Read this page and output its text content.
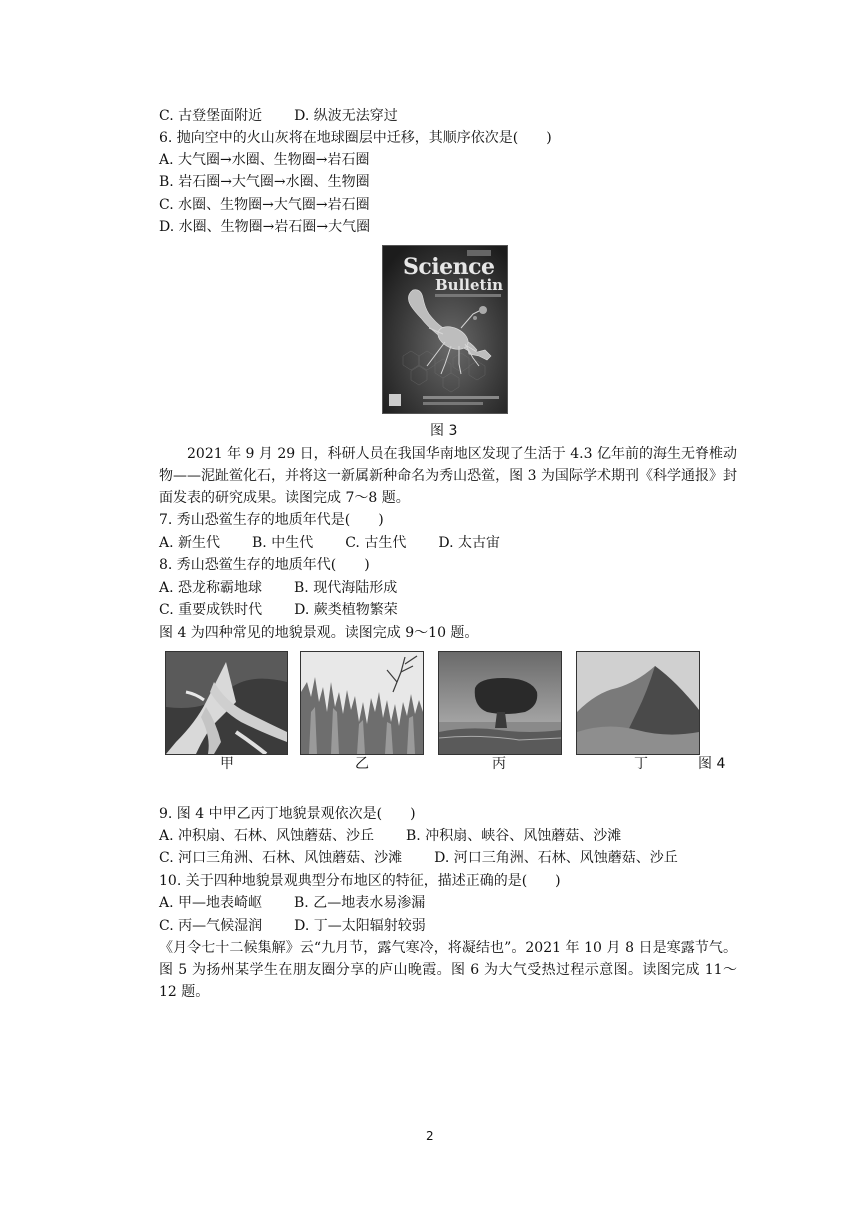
C. 古登堡面附近 D. 纵波无法穿过
6. 抛向空中的火山灰将在地球圈层中迁移，其顺序依次是(　　)
A. 大气圈→水圈、生物圈→岩石圈
B. 岩石圈→大气圈→水圈、生物圈
C. 水圈、生物圈→大气圈→岩石圈
D. 水圈、生物圈→岩石圈→大气圈
Science
Bulletin
图 3
2021 年 9 月 29 日，科研人员在我国华南地区发现了生活于 4.3 亿年前的海生无脊椎动物——泥趾鲎化石，并将这一新属新种命名为秀山恐鲎，图 3 为国际学术期刊《科学通报》封面发表的研究成果。读图完成 7～8 题。
7. 秀山恐鲎生存的地质年代是(　　)
A. 新生代 B. 中生代 C. 古生代 D. 太古宙
8. 秀山恐鲎生存的地质年代(　　)
A. 恐龙称霸地球 B. 现代海陆形成
C. 重要成铁时代 D. 蕨类植物繁荣
图 4 为四种常见的地貌景观。读图完成 9～10 题。
甲	乙	丙	丁	图 4
9. 图 4 中甲乙丙丁地貌景观依次是(　　)
A. 冲积扇、石林、风蚀蘑菇、沙丘 B. 冲积扇、峡谷、风蚀蘑菇、沙滩
C. 河口三角洲、石林、风蚀蘑菇、沙滩 D. 河口三角洲、石林、风蚀蘑菇、沙丘
10. 关于四种地貌景观典型分布地区的特征，描述正确的是(　　)
A. 甲—地表崎岖 B. 乙—地表水易渗漏
C. 丙—气候湿润 D. 丁—太阳辐射较弱
《月令七十二候集解》云“九月节，露气寒冷，将凝结也”。2021 年 10 月 8 日是寒露节气。图 5 为扬州某学生在朋友圈分享的庐山晚霞。图 6 为大气受热过程示意图。读图完成 11～12 题。
2
